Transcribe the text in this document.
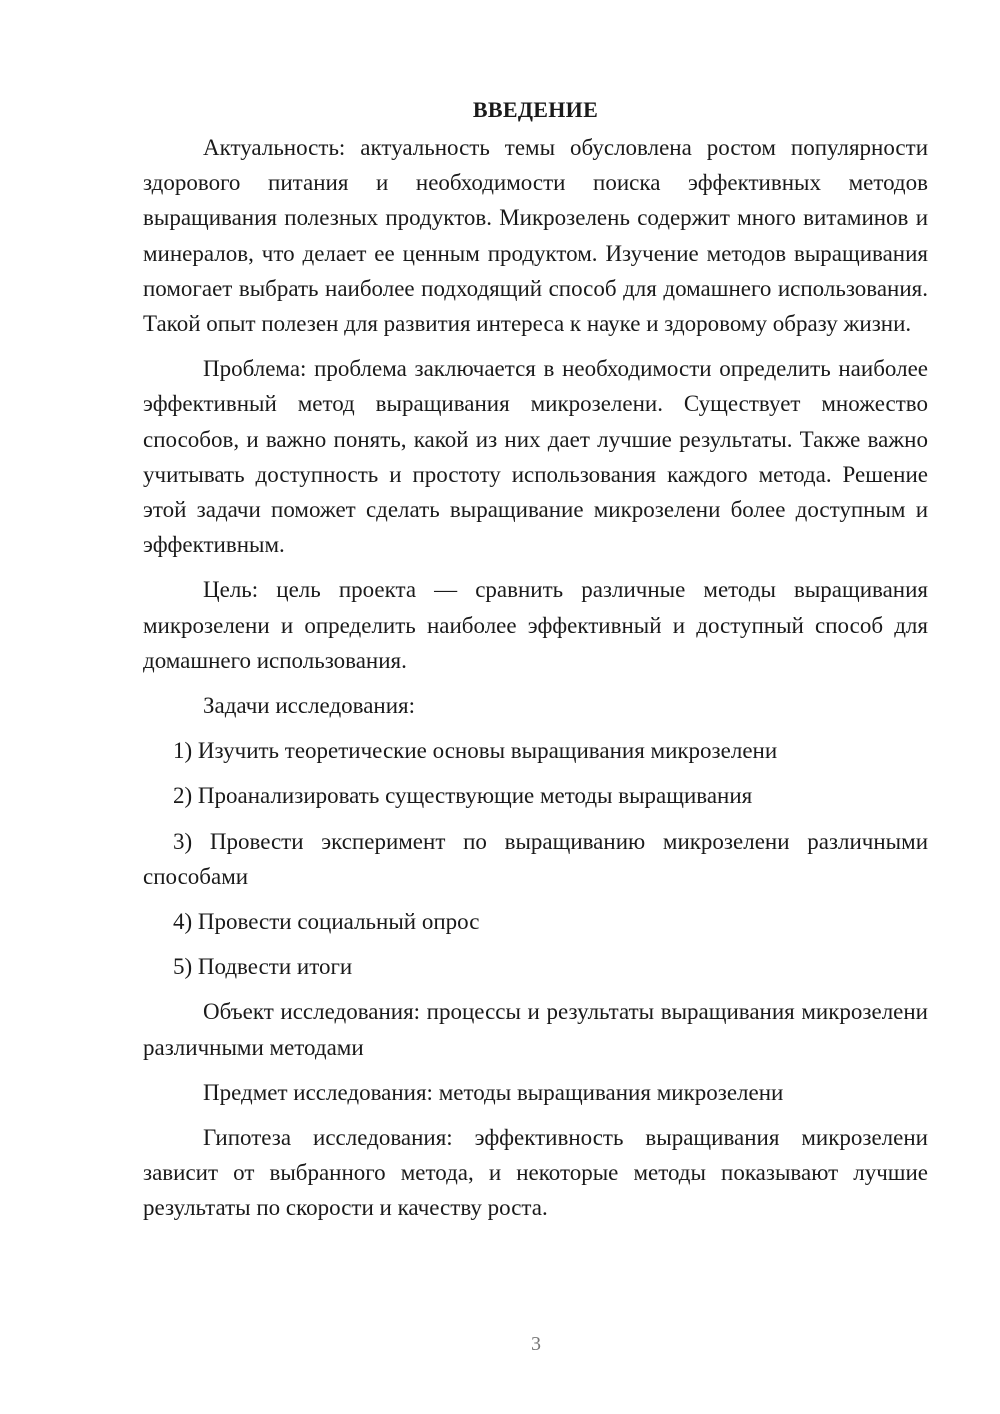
ВВЕДЕНИЕ

Актуальность: актуальность темы обусловлена ростом популярности здорового питания и необходимости поиска эффективных методов выращивания полезных продуктов. Микрозелень содержит много витаминов и минералов, что делает ее ценным продуктом. Изучение методов выращивания помогает выбрать наиболее подходящий способ для домашнего использования. Такой опыт полезен для развития интереса к науке и здоровому образу жизни.

Проблема: проблема заключается в необходимости определить наиболее эффективный метод выращивания микрозелени. Существует множество способов, и важно понять, какой из них дает лучшие результаты. Также важно учитывать доступность и простоту использования каждого метода. Решение этой задачи поможет сделать выращивание микрозелени более доступным и эффективным.

Цель: цель проекта — сравнить различные методы выращивания микрозелени и определить наиболее эффективный и доступный способ для домашнего использования.

Задачи исследования:

1) Изучить теоретические основы выращивания микрозелени

2) Проанализировать существующие методы выращивания

3) Провести эксперимент по выращиванию микрозелени различными способами

4) Провести социальный опрос

5) Подвести итоги

Объект исследования: процессы и результаты выращивания микрозелени различными методами

Предмет исследования: методы выращивания микрозелени

Гипотеза исследования: эффективность выращивания микрозелени зависит от выбранного метода, и некоторые методы показывают лучшие результаты по скорости и качеству роста.

3
